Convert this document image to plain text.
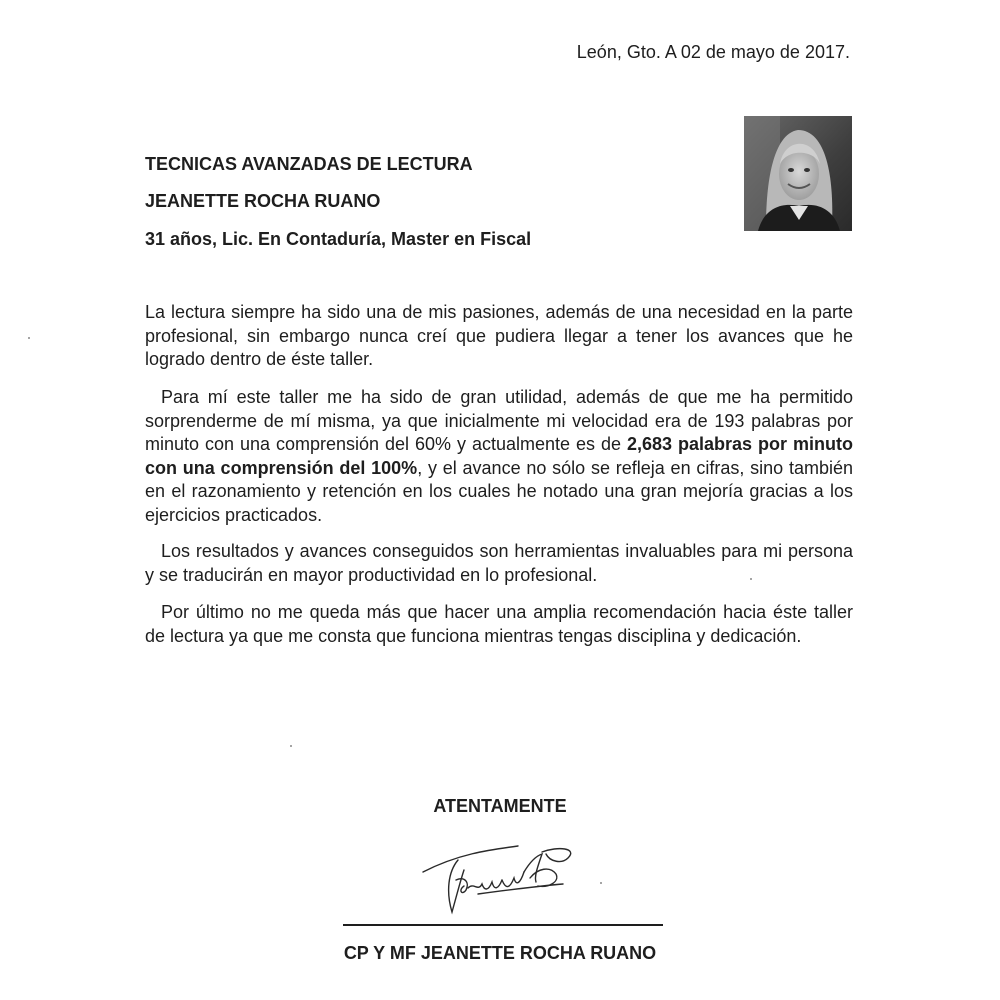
León, Gto. A 02 de mayo de 2017.

TECNICAS AVANZADAS DE LECTURA

JEANETTE ROCHA RUANO

31 años, Lic. En Contaduría, Master en Fiscal

La lectura siempre ha sido una de mis pasiones, además de una necesidad en la parte profesional, sin embargo nunca creí que pudiera llegar a tener los avances que he logrado dentro de éste taller.

Para mí este taller me ha sido de gran utilidad, además de que me ha permitido sorprenderme de mí misma, ya que inicialmente mi velocidad era de 193 palabras por minuto con una comprensión del 60% y actualmente es de 2,683 palabras por minuto con una comprensión del 100%, y el avance no sólo se refleja en cifras, sino también en el razonamiento y retención en los cuales he notado una gran mejoría gracias a los ejercicios practicados.

Los resultados y avances conseguidos son herramientas invaluables para mi persona y se traducirán en mayor productividad en lo profesional.

Por último no me queda más que hacer una amplia recomendación hacia éste taller de lectura ya que me consta que funciona mientras tengas disciplina y dedicación.

ATENTAMENTE

CP Y MF JEANETTE ROCHA RUANO
